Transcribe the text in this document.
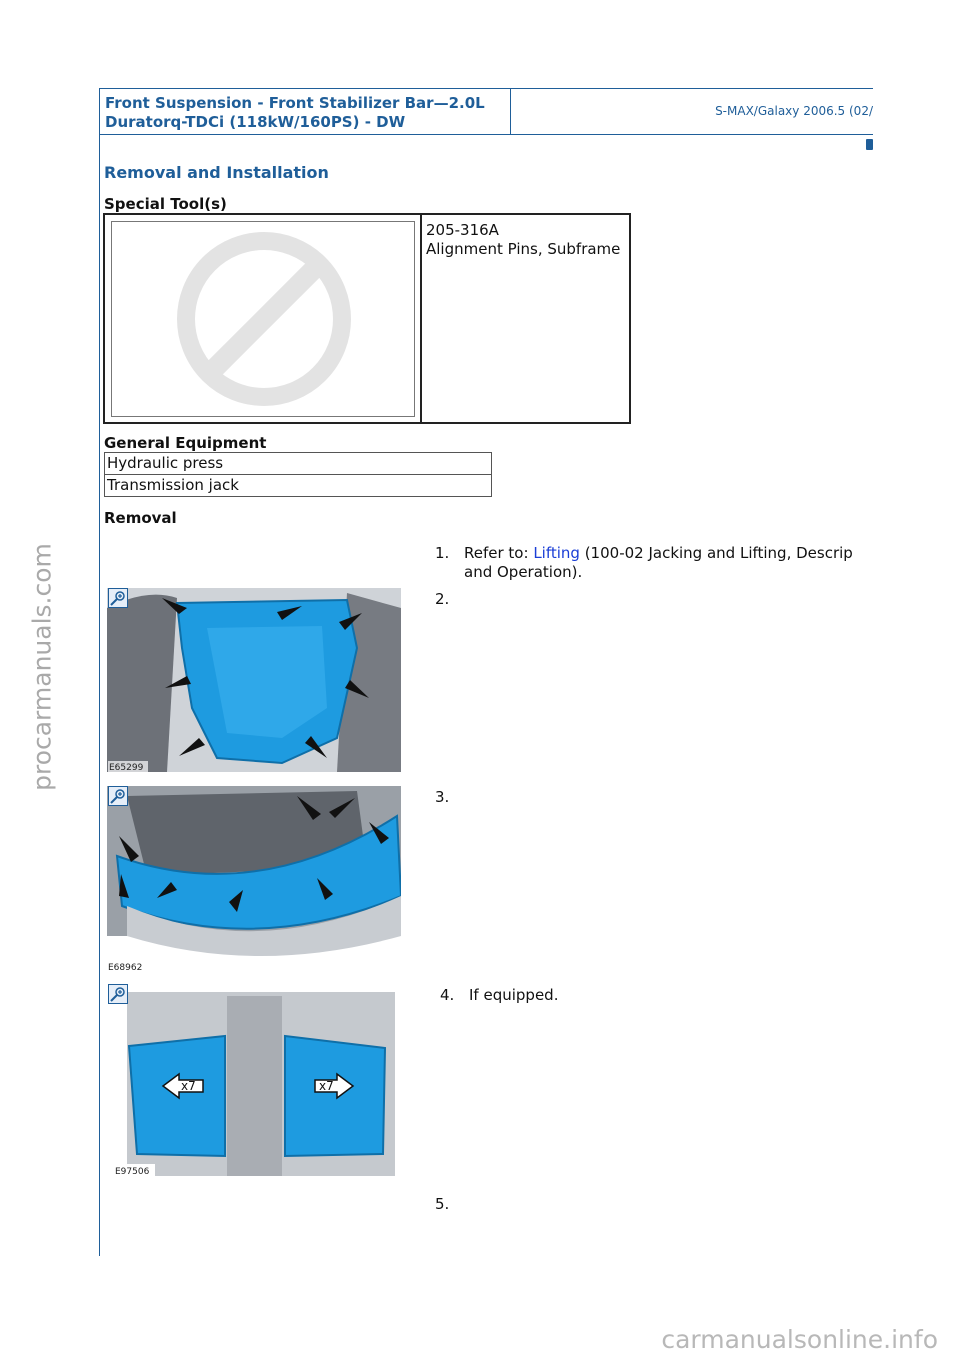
Front Suspension - Front Stabilizer Bar—2.0L
Duratorq-TDCi (118kW/160PS) - DW
S-MAX/Galaxy 2006.5 (02/
Removal and Installation
Special Tool(s)
205-316A
Alignment Pins, Subframe
General Equipment
Hydraulic press
Transmission jack
Removal
1. Refer to: Lifting (100-02 Jacking and Lifting, Descrip
and Operation).
2.
E65299
3.
E68962
4. If equipped.
x7	x7
E97506
5.
procarmanuals.com
carmanualsonline.info
